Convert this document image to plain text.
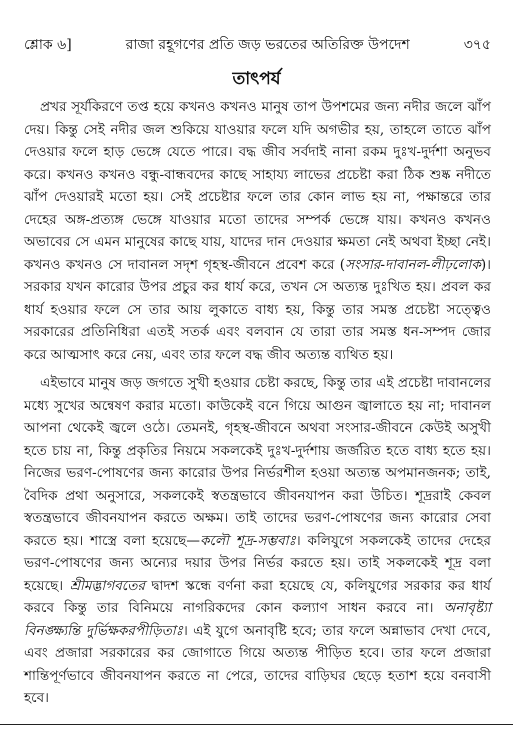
শ্লোক ৬]	রাজা রহূগণের প্রতি জড় ভরতের অতিরিক্ত উপদেশ	৩৭৫
তাৎপর্য

প্রখর সূর্যকিরণে তপ্ত হয়ে কখনও কখনও মানুষ তাপ উপশমের জন্য নদীর জলে ঝাঁপ দেয়। কিন্তু সেই নদীর জল শুকিয়ে যাওয়ার ফলে যদি অগভীর হয়, তাহলে তাতে ঝাঁপ দেওয়ার ফলে হাড় ভেঙ্গে যেতে পারে। বদ্ধ জীব সর্বদাই নানা রকম দুঃখ-দুর্দশা অনুভব করে। কখনও কখনও বন্ধু-বান্ধবদের কাছে সাহায্য লাভের প্রচেষ্টা করা ঠিক শুষ্ক নদীতে ঝাঁপ দেওয়ারই মতো হয়। সেই প্রচেষ্টার ফলে তার কোন লাভ হয় না, পক্ষান্তরে তার দেহের অঙ্গ-প্রত্যঙ্গ ভেঙ্গে যাওয়ার মতো তাদের সম্পর্ক ভেঙ্গে যায়। কখনও কখনও অভাবের সে এমন মানুষের কাছে যায়, যাদের দান দেওয়ার ক্ষমতা নেই অথবা ইচ্ছা নেই। কখনও কখনও সে দাবানল সদৃশ গৃহস্থ-জীবনে প্রবেশ করে (সংসার-দাবানল-লীঢ়লোক)। সরকার যখন কারোর উপর প্রচুর কর ধার্য করে, তখন সে অত্যন্ত দুঃখিত হয়। প্রবল কর ধার্য হওয়ার ফলে সে তার আয় লুকাতে বাধ্য হয়, কিন্তু তার সমস্ত প্রচেষ্টা সত্ত্বেও সরকারের প্রতিনিধিরা এতই সতর্ক এবং বলবান যে তারা তার সমস্ত ধন-সম্পদ জোর করে আত্মসাৎ করে নেয়, এবং তার ফলে বদ্ধ জীব অত্যন্ত ব্যথিত হয়।

এইভাবে মানুষ জড় জগতে সুখী হওয়ার চেষ্টা করছে, কিন্তু তার এই প্রচেষ্টা দাবানলের মধ্যে সুখের অন্বেষণ করার মতো। কাউকেই বনে গিয়ে আগুন জ্বালাতে হয় না; দাবানল আপনা থেকেই জ্বলে ওঠে। তেমনই, গৃহস্থ-জীবনে অথবা সংসার-জীবনে কেউই অসুখী হতে চায় না, কিন্তু প্রকৃতির নিয়মে সকলকেই দুঃখ-দুর্দশায় জর্জরিত হতে বাধ্য হতে হয়। নিজের ভরণ-পোষণের জন্য কারোর উপর নির্ভরশীল হওয়া অত্যন্ত অপমানজনক; তাই, বৈদিক প্রথা অনুসারে, সকলকেই স্বতন্ত্রভাবে জীবনযাপন করা উচিত। শূদ্ররাই কেবল স্বতন্ত্রভাবে জীবনযাপন করতে অক্ষম। তাই তাদের ভরণ-পোষণের জন্য কারোর সেবা করতে হয়। শাস্ত্রে বলা হয়েছে—কলৌ শূদ্র-সম্ভবাঃ। কলিযুগে সকলকেই তাদের দেহের ভরণ-পোষণের জন্য অন্যের দয়ার উপর নির্ভর করতে হয়। তাই সকলকেই শূদ্র বলা হয়েছে। শ্রীমদ্ভাগবতের দ্বাদশ স্কন্ধে বর্ণনা করা হয়েছে যে, কলিযুগের সরকার কর ধার্য করবে কিন্তু তার বিনিময়ে নাগরিকদের কোন কল্যাণ সাধন করবে না। অনাবৃষ্ট্যা বিনঙ্ক্ষ্যন্তি দুর্ভিক্ষকরপীড়িতাঃ। এই যুগে অনাবৃষ্টি হবে; তার ফলে অন্নাভাব দেখা দেবে, এবং প্রজারা সরকারের কর জোগাতে গিয়ে অত্যন্ত পীড়িত হবে। তার ফলে প্রজারা শান্তিপূর্ণভাবে জীবনযাপন করতে না পেরে, তাদের বাড়িঘর ছেড়ে হতাশ হয়ে বনবাসী হবে।
